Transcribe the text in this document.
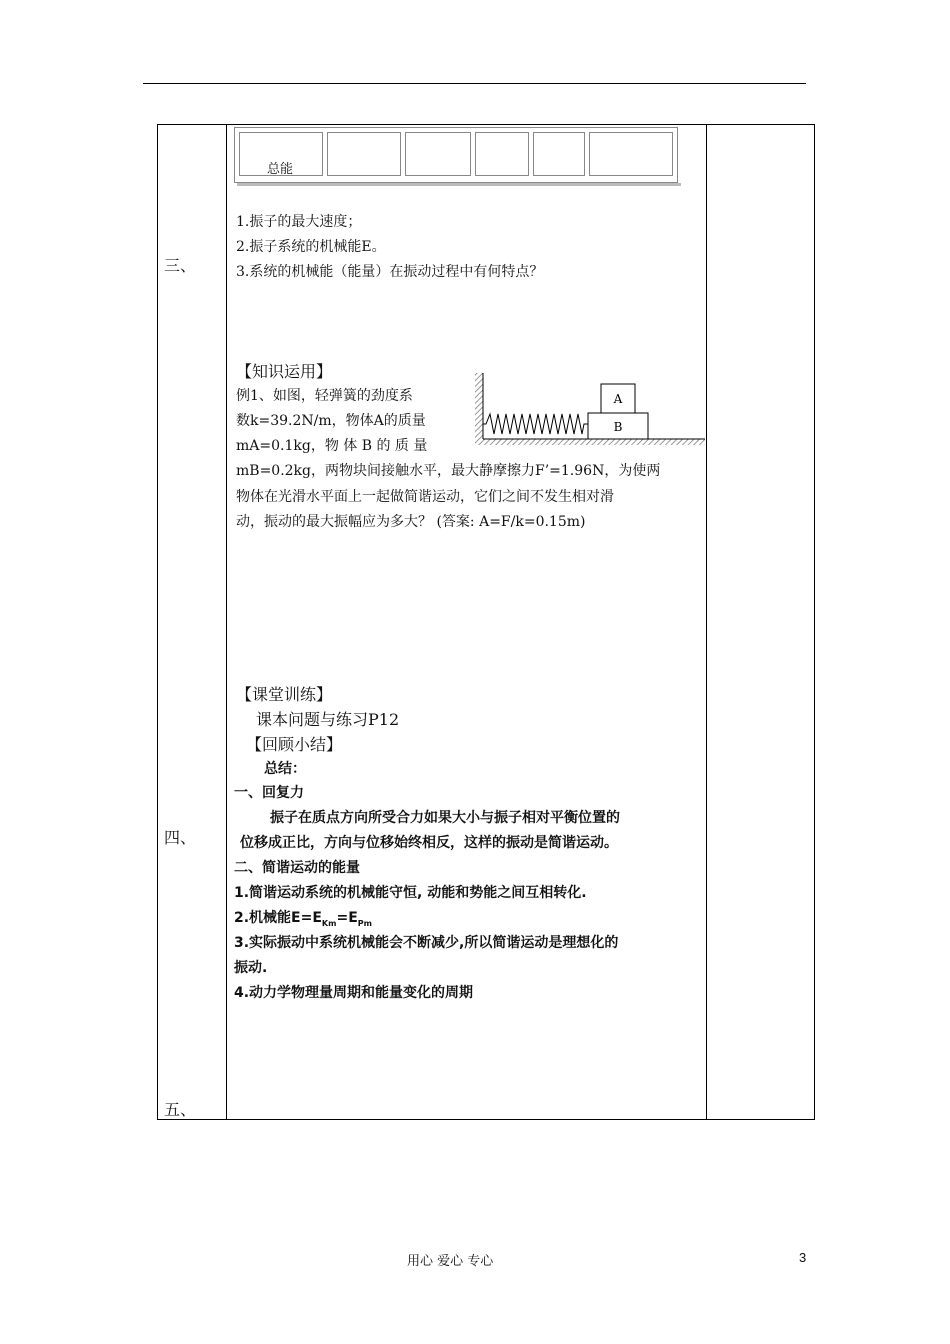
三、
四、
五、
总能
1.振子的最大速度；
2.振子系统的机械能E。
3.系统的机械能（能量）在振动过程中有何特点？
【知识运用】
例1、如图，轻弹簧的劲度系
数k=39.2N/m，物体A的质量
mA=0.1kg，物 体 B 的 质 量
mB=0.2kg，两物块间接触水平，最大静摩擦力F’=1.96N，为使两
物体在光滑水平面上一起做简谐运动，它们之间不发生相对滑
动，振动的最大振幅应为多大？ (答案: A=F/k=0.15m)
A
B
【课堂训练】
课本问题与练习P12
【回顾小结】
总结：
一、回复力
振子在质点方向所受合力如果大小与振子相对平衡位置的
位移成正比，方向与位移始终相反，这样的振动是简谐运动。
二、简谐运动的能量
1.简谐运动系统的机械能守恒, 动能和势能之间互相转化.
2.机械能$E=E_{Km}=E_{Pm}$
3.实际振动中系统机械能会不断减少,所以简谐运动是理想化的
振动.
4.动力学物理量周期和能量变化的周期
用心 爱心 专心	3
